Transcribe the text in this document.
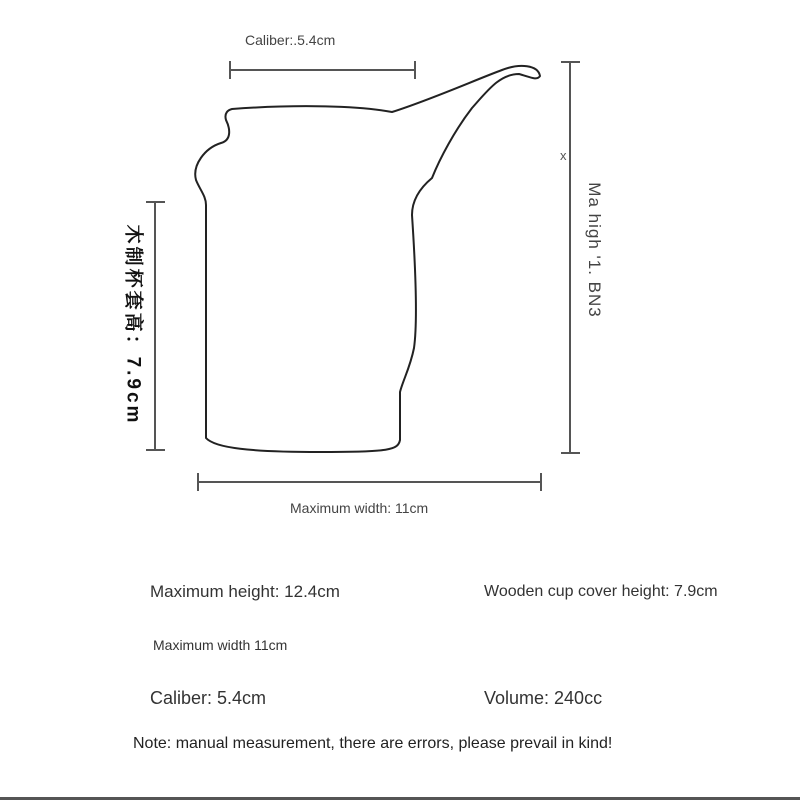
x
Caliber:.5.4cm
Maximum width: 11cm
木制杯套高：7.9cm	Ma high '1. BN3
Maximum height: 12.4cm	Wooden cup cover height: 7.9cm
Maximum width 11cm
Caliber: 5.4cm	Volume: 240cc
Note: manual measurement, there are errors, please prevail in kind!
